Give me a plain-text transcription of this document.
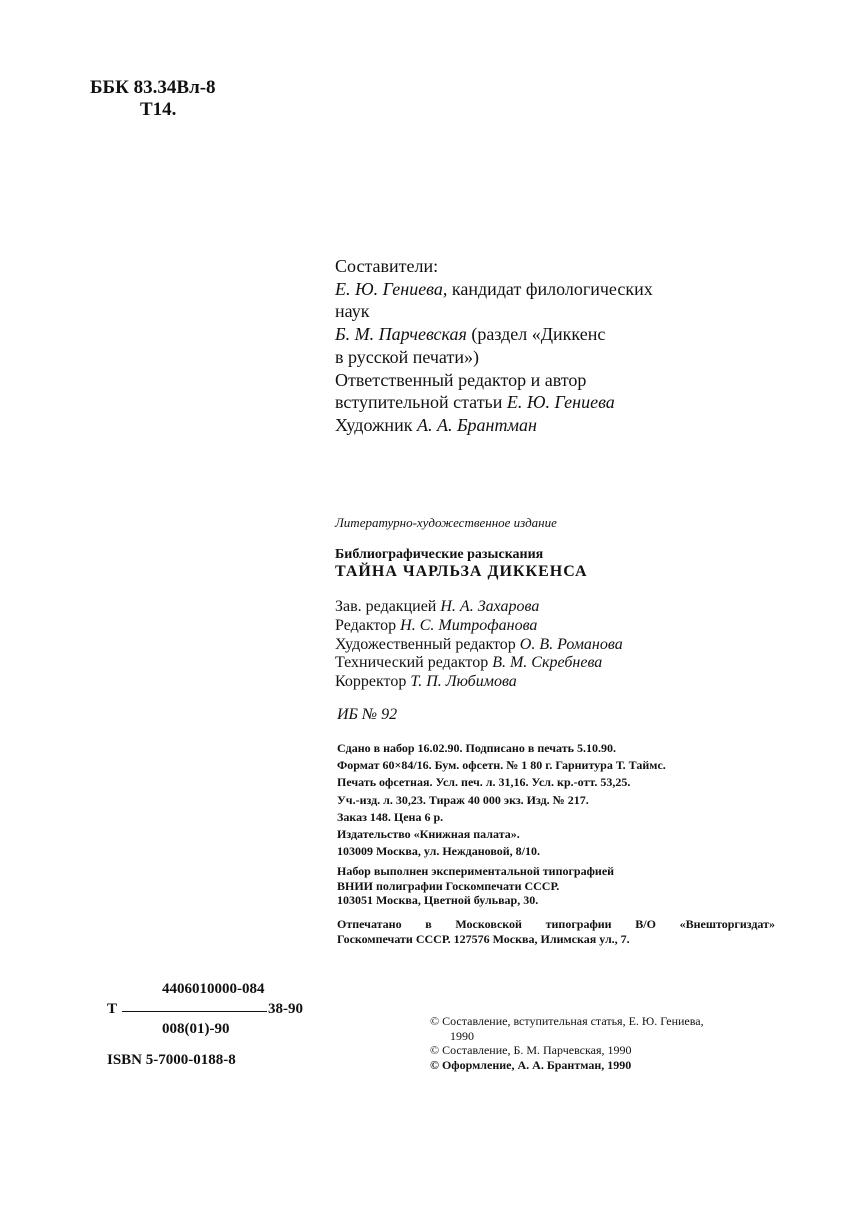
ББК 83.34Вл-8
Т14.
Составители:
Е. Ю. Гениева, кандидат филологических
наук
Б. М. Парчевская (раздел «Диккенс
в русской печати»)
Ответственный редактор и автор
вступительной статьи Е. Ю. Гениева
Художник А. А. Брантман
Литературно-художественное издание
Библиографические разыскания
ТАЙНА ЧАРЛЬЗА ДИККЕНСА
Зав. редакцией Н. А. Захарова
Редактор Н. С. Митрофанова
Художественный редактор О. В. Романова
Технический редактор В. М. Скребнева
Корректор Т. П. Любимова
ИБ № 92
Сдано в набор 16.02.90. Подписано в печать 5.10.90.
Формат 60×84/16. Бум. офсетн. № 1 80 г. Гарнитура Т. Таймс.
Печать офсетная. Усл. печ. л. 31,16. Усл. кр.-отт. 53,25.
Уч.-изд. л. 30,23. Тираж 40 000 экз. Изд. № 217.
Заказ 148. Цена 6 р.
Издательство «Книжная палата».
103009 Москва, ул. Неждановой, 8/10.
Набор выполнен экспериментальной типографией
ВНИИ полиграфии Госкомпечати СССР.
103051 Москва, Цветной бульвар, 30.
Отпечатано в Московской типографии В/О «Внешторгиздат»
Госкомпечати СССР. 127576 Москва, Илимская ул., 7.
4406010000-084
Т	38-90
008(01)-90
ISBN 5-7000-0188-8
© Составление, вступительная статья, Е. Ю. Гениева,
1990
© Составление, Б. М. Парчевская, 1990
© Оформление, А. А. Брантман, 1990
